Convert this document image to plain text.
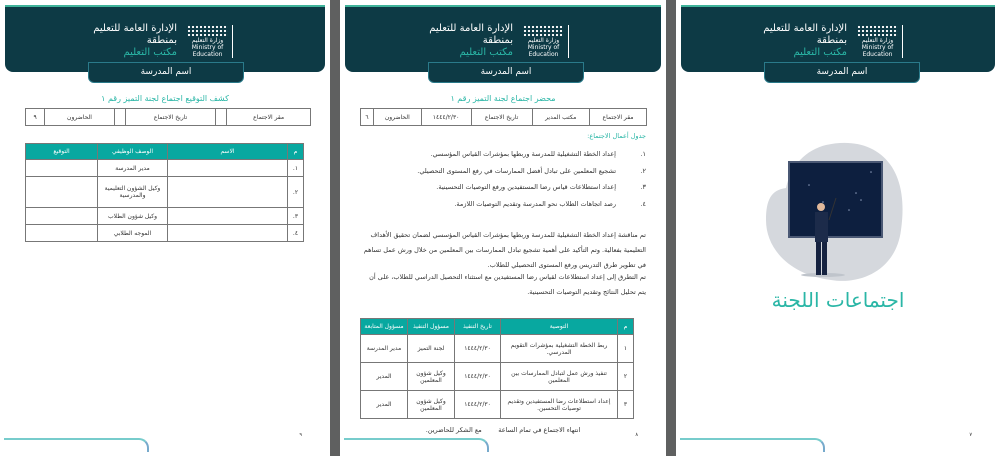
وزارة التعليم
Ministry of Education
الإدارة العامة للتعليم
بمنطقة
مكتب التعليم
اسم المدرسة
كشف التوقيع اجتماع لجنة التميز رقم ١
مقر الاجتماع		تاريخ الاجتماع		الحاضرون	٩
م	الاسم	الوصف الوظيفي	التوقيع
١.		مدير المدرسة	
٢.		وكيل الشؤون التعليمية والمدرسية	
٣.		وكيل شؤون الطلاب	
٤.		الموجه الطلابي	
٩
وزارة التعليم
Ministry of Education
الإدارة العامة للتعليم
بمنطقة
مكتب التعليم
اسم المدرسة
محضر اجتماع لجنة التميز رقم ١
مقر الاجتماع	مكتب المدير	تاريخ الاجتماع	١٤٤٤/٢/٣٠	الحاضرون	٦
جدول أعمال الاجتماع:
١.إعداد الخطة التشغيلية للمدرسة وربطها بمؤشرات القياس المؤسسي.
٢.تشجيع المعلمين على تبادل أفضل الممارسات في رفع المستوى التحصيلي.
٣.إعداد استطلاعات قياس رضا المستفيدين ورفع التوصيات التحسينية.
٤.رصد اتجاهات الطلاب نحو المدرسة وتقديم التوصيات اللازمة.
تم مناقشة إعداد الخطة التشغيلية للمدرسة وربطها بمؤشرات القياس المؤسسي لضمان تحقيق الأهداف التعليمية بفعالية. وتم التأكيد على أهمية تشجيع تبادل الممارسات بين المعلمين من خلال ورش عمل تساهم في تطوير طرق التدريس ورفع المستوى التحصيلي للطلاب.
تم التطرق إلى إعداد استطلاعات لقياس رضا المستفيدين مع استثناء التحصيل الدراسي للطلاب، على أن يتم تحليل النتائج وتقديم التوصيات التحسينية.
م	التوصية	تاريخ التنفيذ	مسؤول التنفيذ	مسؤول المتابعة
١	ربط الخطة التشغيلية بمؤشرات التقويم المدرسي.	١٤٤٤/٢/٣٠	لجنة التميز	مدير المدرسة
٢	تنفيذ ورش عمل لتبادل الممارسات بين المعلمين	١٤٤٤/٢/٣٠	وكيل شؤون المعلمين	المدير
٣	إعداد استطلاعات رضا المستفيدين وتقديم توصيات التحسين.	١٤٤٤/٢/٣٠	وكيل شؤون المعلمين	المدير
انتهاء الاجتماع في تمام الساعة        مع الشكر للحاضرين.
٨
وزارة التعليم
Ministry of Education
الإدارة العامة للتعليم
بمنطقة
مكتب التعليم
اسم المدرسة
اجتماعات اللجنة
٧
